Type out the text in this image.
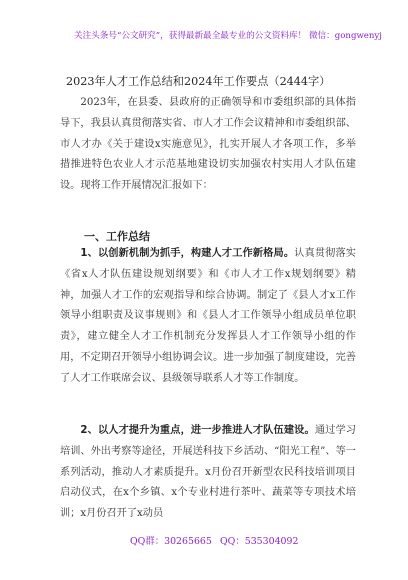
关注头条号“公文研究”，获得最新最全最专业的公文资料库！ 微信：gongwenyj
2023年人才工作总结和2024年工作要点（2444字）
2023年，在县委、县政府的正确领导和市委组织部的具体指导下，我县认真贯彻落实省、市人才工作会议精神和市委组织部、市人才办《关于建设x实施意见》，扎实开展人才各项工作，多举措推进特色农业人才示范基地建设切实加强农村实用人才队伍建设。现将工作开展情况汇报如下：
一、工作总结
1、以创新机制为抓手，构建人才工作新格局。认真贯彻落实《省x人才队伍建设规划纲要》和《市人才工作x规划纲要》精神，加强人才工作的宏观指导和综合协调。制定了《县人才x工作领导小组职责及议事规则》和《县人才工作领导小组成员单位职责》，建立健全人才工作机制充分发挥县人才工作领导小组的作用，不定期召开领导小组协调会议。进一步加强了制度建设，完善了人才工作联席会议、县级领导联系人才等工作制度。
2、以人才提升为重点，进一步推进人才队伍建设。通过学习培训、外出考察等途径，开展送科技下乡活动、“阳光工程”、等一系列活动，推动人才素质提升。x月份召开新型农民科技培训项目启动仪式，在x个乡镇、x个专业村进行茶叶、蔬菜等专项技术培训；x月份召开了x动员
QQ群：30265665 QQ：535304092
